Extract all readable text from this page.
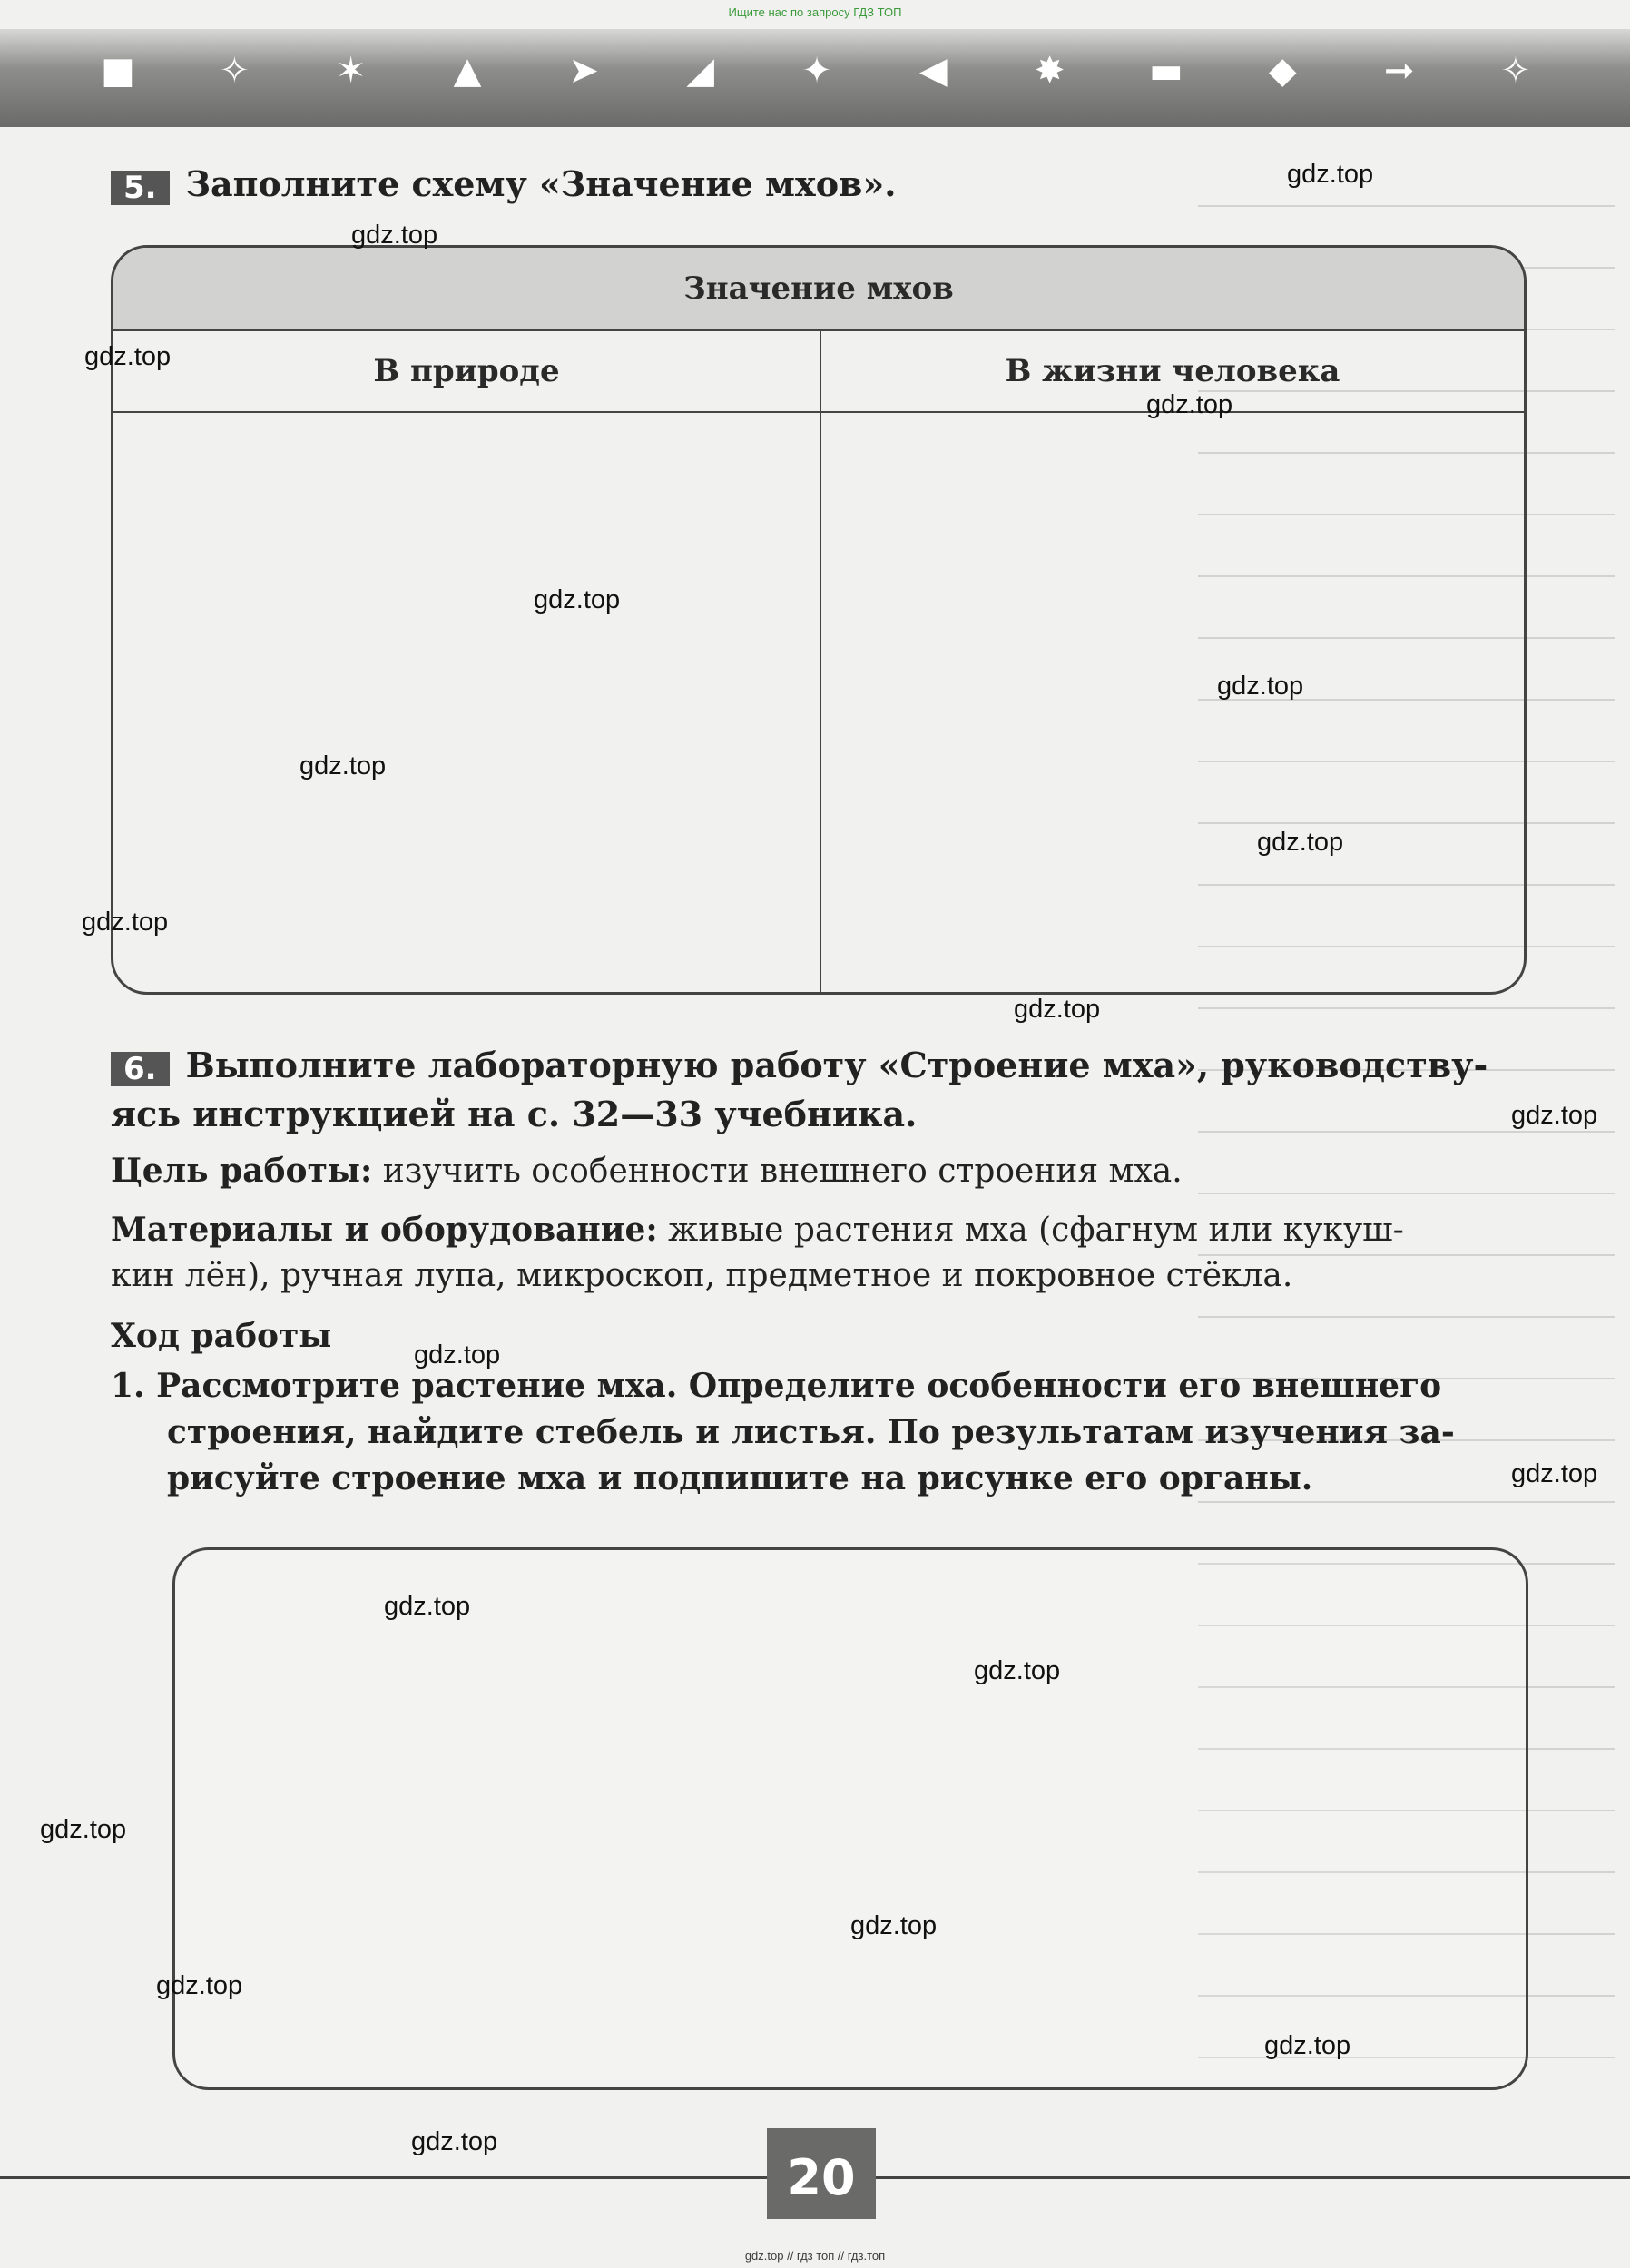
Ищите нас по запросу ГДЗ ТОП
■	✧	✶	▲	➤	◢	✦	◀	✸	▬	◆	➞	✧
5. Заполните схему «Значение мхов».
Значение мхов
В природе	В жизни человека
6. Выполните лабораторную работу «Строение мха», руководству-
ясь инструкцией на с. 32—33 учебника.
Цель работы: изучить особенности внешнего строения мха.
Материалы и оборудование: живые растения мха (сфагнум или кукуш-
кин лён), ручная лупа, микроскоп, предметное и покровное стёкла.
Ход работы
1. Рассмотрите растение мха. Определите особенности его внешнего
строения, найдите стебель и листья. По результатам изучения за-
рисуйте строение мха и подпишите на рисунке его органы.
gdz.top
gdz.top
gdz.top
gdz.top
gdz.top
gdz.top
gdz.top
gdz.top
gdz.top
gdz.top
gdz.top
gdz.top
gdz.top
gdz.top
gdz.top
gdz.top
gdz.top
gdz.top
gdz.top
gdz.top
20
gdz.top // гдз топ // гдз.топ
